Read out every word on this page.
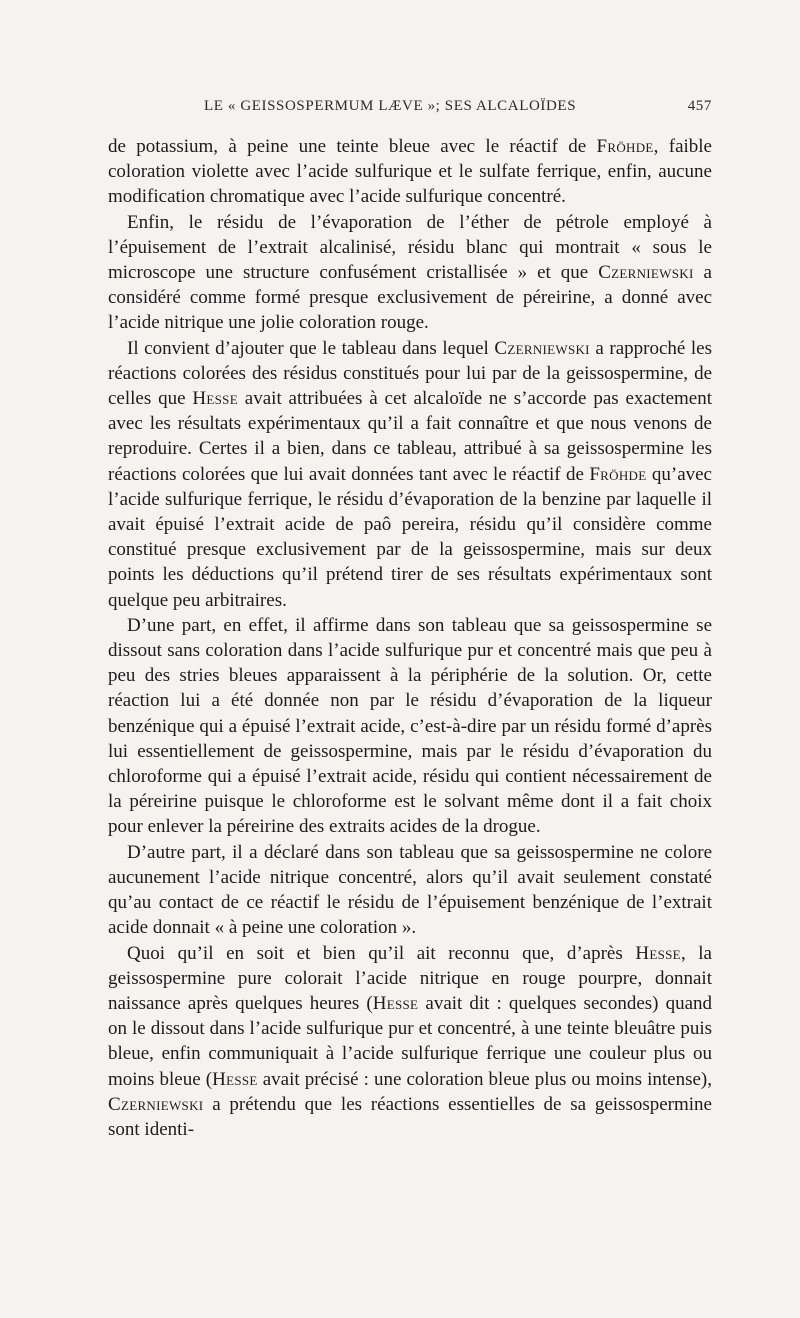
LE « GEISSOSPERMUM LÆVE »; SES ALCALOÏDES	457

de potassium, à peine une teinte bleue avec le réactif de Fröhde, faible coloration violette avec l’acide sulfurique et le sulfate ferrique, enfin, aucune modification chromatique avec l’acide sulfurique concentré.

Enfin, le résidu de l’évaporation de l’éther de pétrole employé à l’épuisement de l’extrait alcalinisé, résidu blanc qui montrait « sous le microscope une structure confusément cristallisée » et que Czerniewski a considéré comme formé presque exclusivement de péreirine, a donné avec l’acide nitrique une jolie coloration rouge.

Il convient d’ajouter que le tableau dans lequel Czerniewski a rapproché les réactions colorées des résidus constitués pour lui par de la geissospermine, de celles que Hesse avait attribuées à cet alcaloïde ne s’accorde pas exactement avec les résultats expérimentaux qu’il a fait connaître et que nous venons de reproduire. Certes il a bien, dans ce tableau, attribué à sa geissospermine les réactions colorées que lui avait données tant avec le réactif de Fröhde qu’avec l’acide sulfurique ferrique, le résidu d’évaporation de la benzine par laquelle il avait épuisé l’extrait acide de paô pereira, résidu qu’il considère comme constitué presque exclusivement par de la geissospermine, mais sur deux points les déductions qu’il prétend tirer de ses résultats expérimentaux sont quelque peu arbitraires.

D’une part, en effet, il affirme dans son tableau que sa geissospermine se dissout sans coloration dans l’acide sulfurique pur et concentré mais que peu à peu des stries bleues apparaissent à la périphérie de la solution. Or, cette réaction lui a été donnée non par le résidu d’évaporation de la liqueur benzénique qui a épuisé l’extrait acide, c’est-à-dire par un résidu formé d’après lui essentiellement de geissospermine, mais par le résidu d’évaporation du chloroforme qui a épuisé l’extrait acide, résidu qui contient nécessairement de la péreirine puisque le chloroforme est le solvant même dont il a fait choix pour enlever la péreirine des extraits acides de la drogue.

D’autre part, il a déclaré dans son tableau que sa geissospermine ne colore aucunement l’acide nitrique concentré, alors qu’il avait seulement constaté qu’au contact de ce réactif le résidu de l’épuisement benzénique de l’extrait acide donnait « à peine une coloration ».

Quoi qu’il en soit et bien qu’il ait reconnu que, d’après Hesse, la geissospermine pure colorait l’acide nitrique en rouge pourpre, donnait naissance après quelques heures (Hesse avait dit : quelques secondes) quand on le dissout dans l’acide sulfurique pur et concentré, à une teinte bleuâtre puis bleue, enfin communiquait à l’acide sulfurique ferrique une couleur plus ou moins bleue (Hesse avait précisé : une coloration bleue plus ou moins intense), Czerniewski a prétendu que les réactions essentielles de sa geissospermine sont identi-
